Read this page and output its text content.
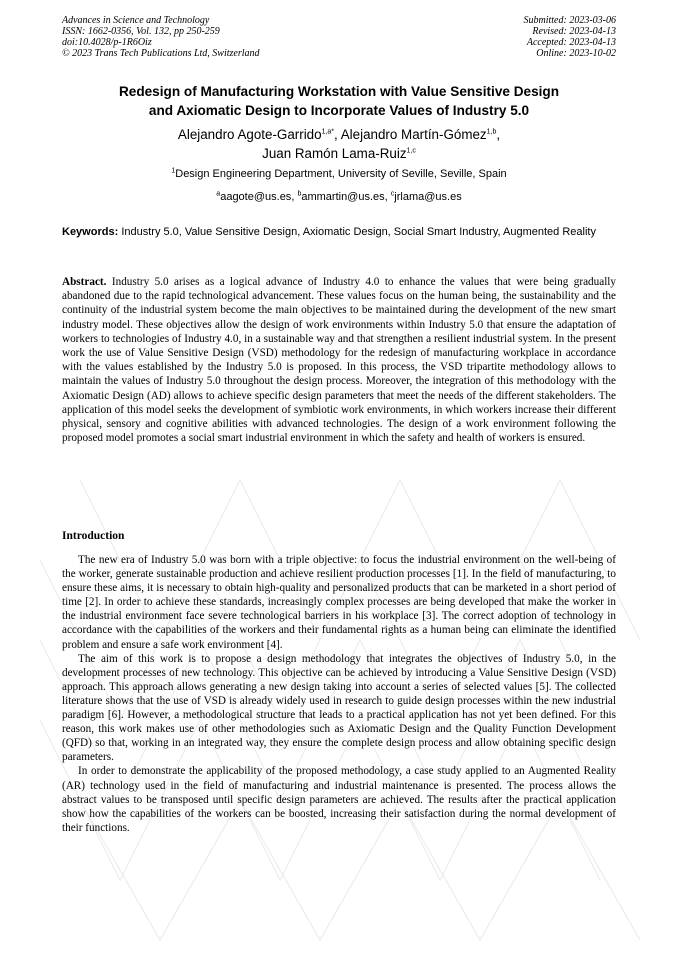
Advances in Science and Technology
ISSN: 1662-0356, Vol. 132, pp 250-259
doi:10.4028/p-1R6Oiz
© 2023 Trans Tech Publications Ltd, Switzerland
Submitted: 2023-03-06
Revised: 2023-04-13
Accepted: 2023-04-13
Online: 2023-10-02
Redesign of Manufacturing Workstation with Value Sensitive Design
and Axiomatic Design to Incorporate Values of Industry 5.0
Alejandro Agote-Garrido$^{1,a*}$, Alejandro Martín-Gómez$^{1,b}$,
Juan Ramón Lama-Ruiz$^{1,c}$
$^1$Design Engineering Department, University of Seville, Seville, Spain
$^a$aagote@us.es, $^b$ammartin@us.es, $^c$jrlama@us.es
Keywords: Industry 5.0, Value Sensitive Design, Axiomatic Design, Social Smart Industry, Augmented Reality
Abstract. Industry 5.0 arises as a logical advance of Industry 4.0 to enhance the values that were being gradually abandoned due to the rapid technological advancement. These values focus on the human being, the sustainability and the continuity of the industrial system become the main objectives to be maintained during the development of the new smart industry model. These objectives allow the design of work environments within Industry 5.0 that ensure the adaptation of workers to technologies of Industry 4.0, in a sustainable way and that strengthen a resilient industrial system. In the present work the use of Value Sensitive Design (VSD) methodology for the redesign of manufacturing workplace in accordance with the values established by the Industry 5.0 is proposed. In this process, the VSD tripartite methodology allows to maintain the values of Industry 5.0 throughout the design process. Moreover, the integration of this methodology with the Axiomatic Design (AD) allows to achieve specific design parameters that meet the needs of the different stakeholders. The application of this model seeks the development of symbiotic work environments, in which workers increase their different physical, sensory and cognitive abilities with advanced technologies. The design of a work environment following the proposed model promotes a social smart industrial environment in which the safety and health of workers is ensured.
Introduction

The new era of Industry 5.0 was born with a triple objective: to focus the industrial environment on the well-being of the worker, generate sustainable production and achieve resilient production processes [1]. In the field of manufacturing, to ensure these aims, it is necessary to obtain high-quality and personalized products that can be marketed in a short period of time [2]. In order to achieve these standards, increasingly complex processes are being developed that make the worker in the industrial environment face severe technological barriers in his workplace [3]. The correct adoption of technology in accordance with the capabilities of the workers and their fundamental rights as a human being can eliminate the identified problem and ensure a safe work environment [4].

The aim of this work is to propose a design methodology that integrates the objectives of Industry 5.0, in the development processes of new technology. This objective can be achieved by introducing a Value Sensitive Design (VSD) approach. This approach allows generating a new design taking into account a series of selected values [5]. The collected literature shows that the use of VSD is already widely used in research to guide design processes within the new industrial paradigm [6]. However, a methodological structure that leads to a practical application has not yet been defined. For this reason, this work makes use of other methodologies such as Axiomatic Design and the Quality Function Development (QFD) so that, working in an integrated way, they ensure the complete design process and allow obtaining specific design parameters.

In order to demonstrate the applicability of the proposed methodology, a case study applied to an Augmented Reality (AR) technology used in the field of manufacturing and industrial maintenance is presented. The process allows the abstract values to be transposed until specific design parameters are achieved. The results after the practical application show how the capabilities of the workers can be boosted, increasing their satisfaction during the normal development of their functions.
